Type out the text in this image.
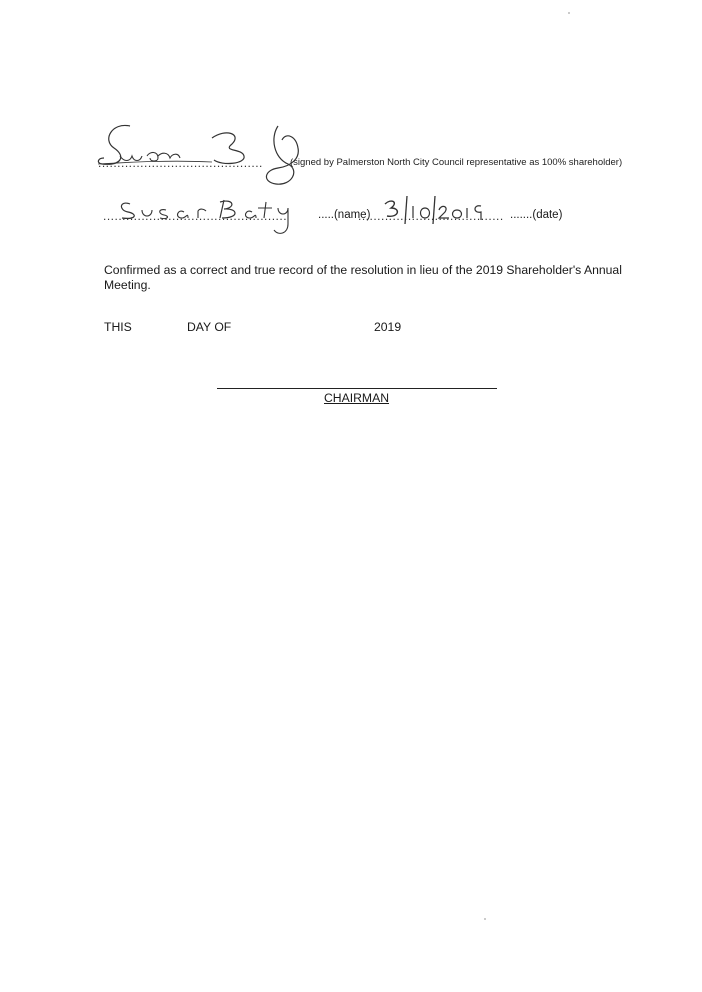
...........................................	(signed by Palmerston North City Council representative as 100% shareholder)
................................................	.....(name)
...................................... .......(date)
Confirmed as a correct and true record of the resolution in lieu of the 2019 Shareholder's Annual Meeting.
THIS	DAY OF	2019
CHAIRMAN
